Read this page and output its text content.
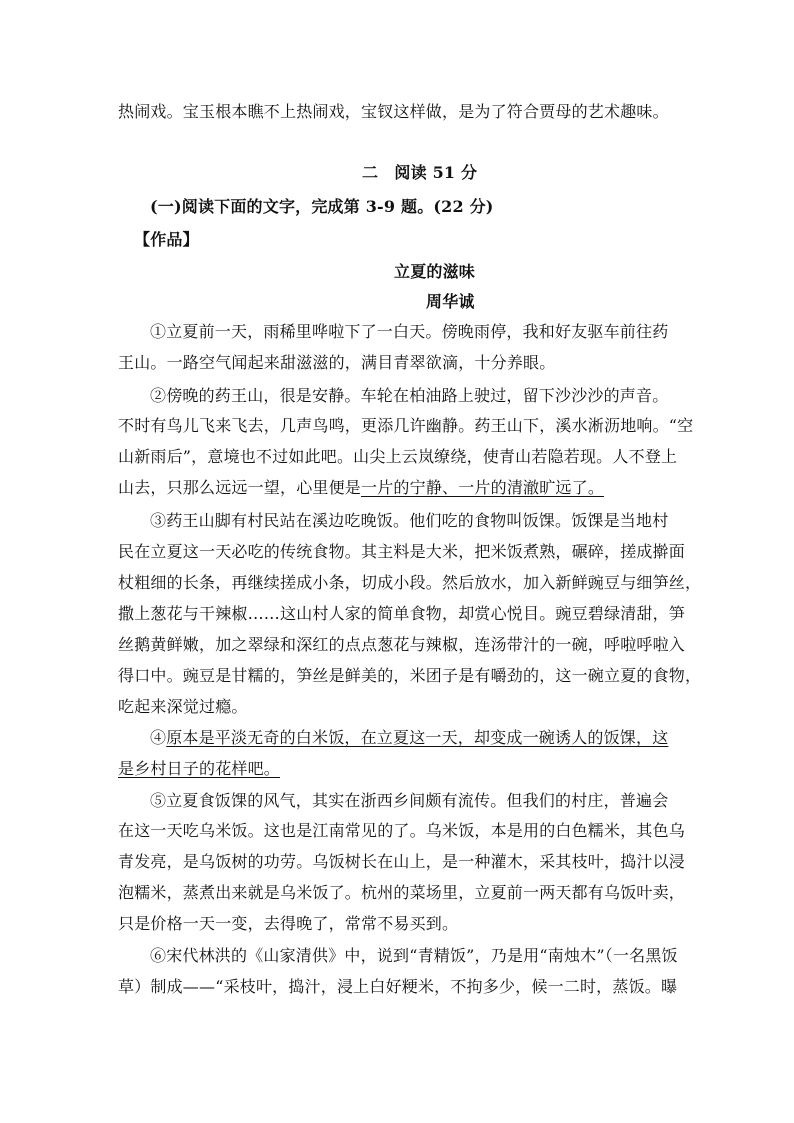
热闹戏。宝玉根本瞧不上热闹戏，宝钗这样做，是为了符合贾母的艺术趣味。
二　阅读 51 分
(一)阅读下面的文字，完成第 3-9 题。(22 分)
【作品】
立夏的滋味
周华诚
①立夏前一天，雨稀里哗啦下了一白天。傍晚雨停，我和好友驱车前往药
王山。一路空气闻起来甜滋滋的，满目青翠欲滴，十分养眼。
②傍晚的药王山，很是安静。车轮在柏油路上驶过，留下沙沙沙的声音。
不时有鸟儿飞来飞去，几声鸟鸣，更添几许幽静。药王山下，溪水淅沥地响。“空
山新雨后”，意境也不过如此吧。山尖上云岚缭绕，使青山若隐若现。人不登上
山去，只那么远远一望，心里便是一片的宁静、一片的清澈旷远了。
③药王山脚有村民站在溪边吃晚饭。他们吃的食物叫饭馃。饭馃是当地村
民在立夏这一天必吃的传统食物。其主料是大米，把米饭煮熟，碾碎，搓成擀面
杖粗细的长条，再继续搓成小条，切成小段。然后放水，加入新鲜豌豆与细笋丝，
撒上葱花与干辣椒……这山村人家的简单食物，却赏心悦目。豌豆碧绿清甜，笋
丝鹅黄鲜嫩，加之翠绿和深红的点点葱花与辣椒，连汤带汁的一碗，呼啦呼啦入
得口中。豌豆是甘糯的，笋丝是鲜美的，米团子是有嚼劲的，这一碗立夏的食物，
吃起来深觉过瘾。
④原本是平淡无奇的白米饭，在立夏这一天，却变成一碗诱人的饭馃，这
是乡村日子的花样吧。
⑤立夏食饭馃的风气，其实在浙西乡间颇有流传。但我们的村庄，普遍会
在这一天吃乌米饭。这也是江南常见的了。乌米饭，本是用的白色糯米，其色乌
青发亮，是乌饭树的功劳。乌饭树长在山上，是一种灌木，采其枝叶，捣汁以浸
泡糯米，蒸煮出来就是乌米饭了。杭州的菜场里，立夏前一两天都有乌饭叶卖，
只是价格一天一变，去得晚了，常常不易买到。
⑥宋代林洪的《山家清供》中，说到“青精饭”，乃是用“南烛木”（一名黑饭
草）制成——“采枝叶，捣汁，浸上白好粳米，不拘多少，候一二时，蒸饭。曝
